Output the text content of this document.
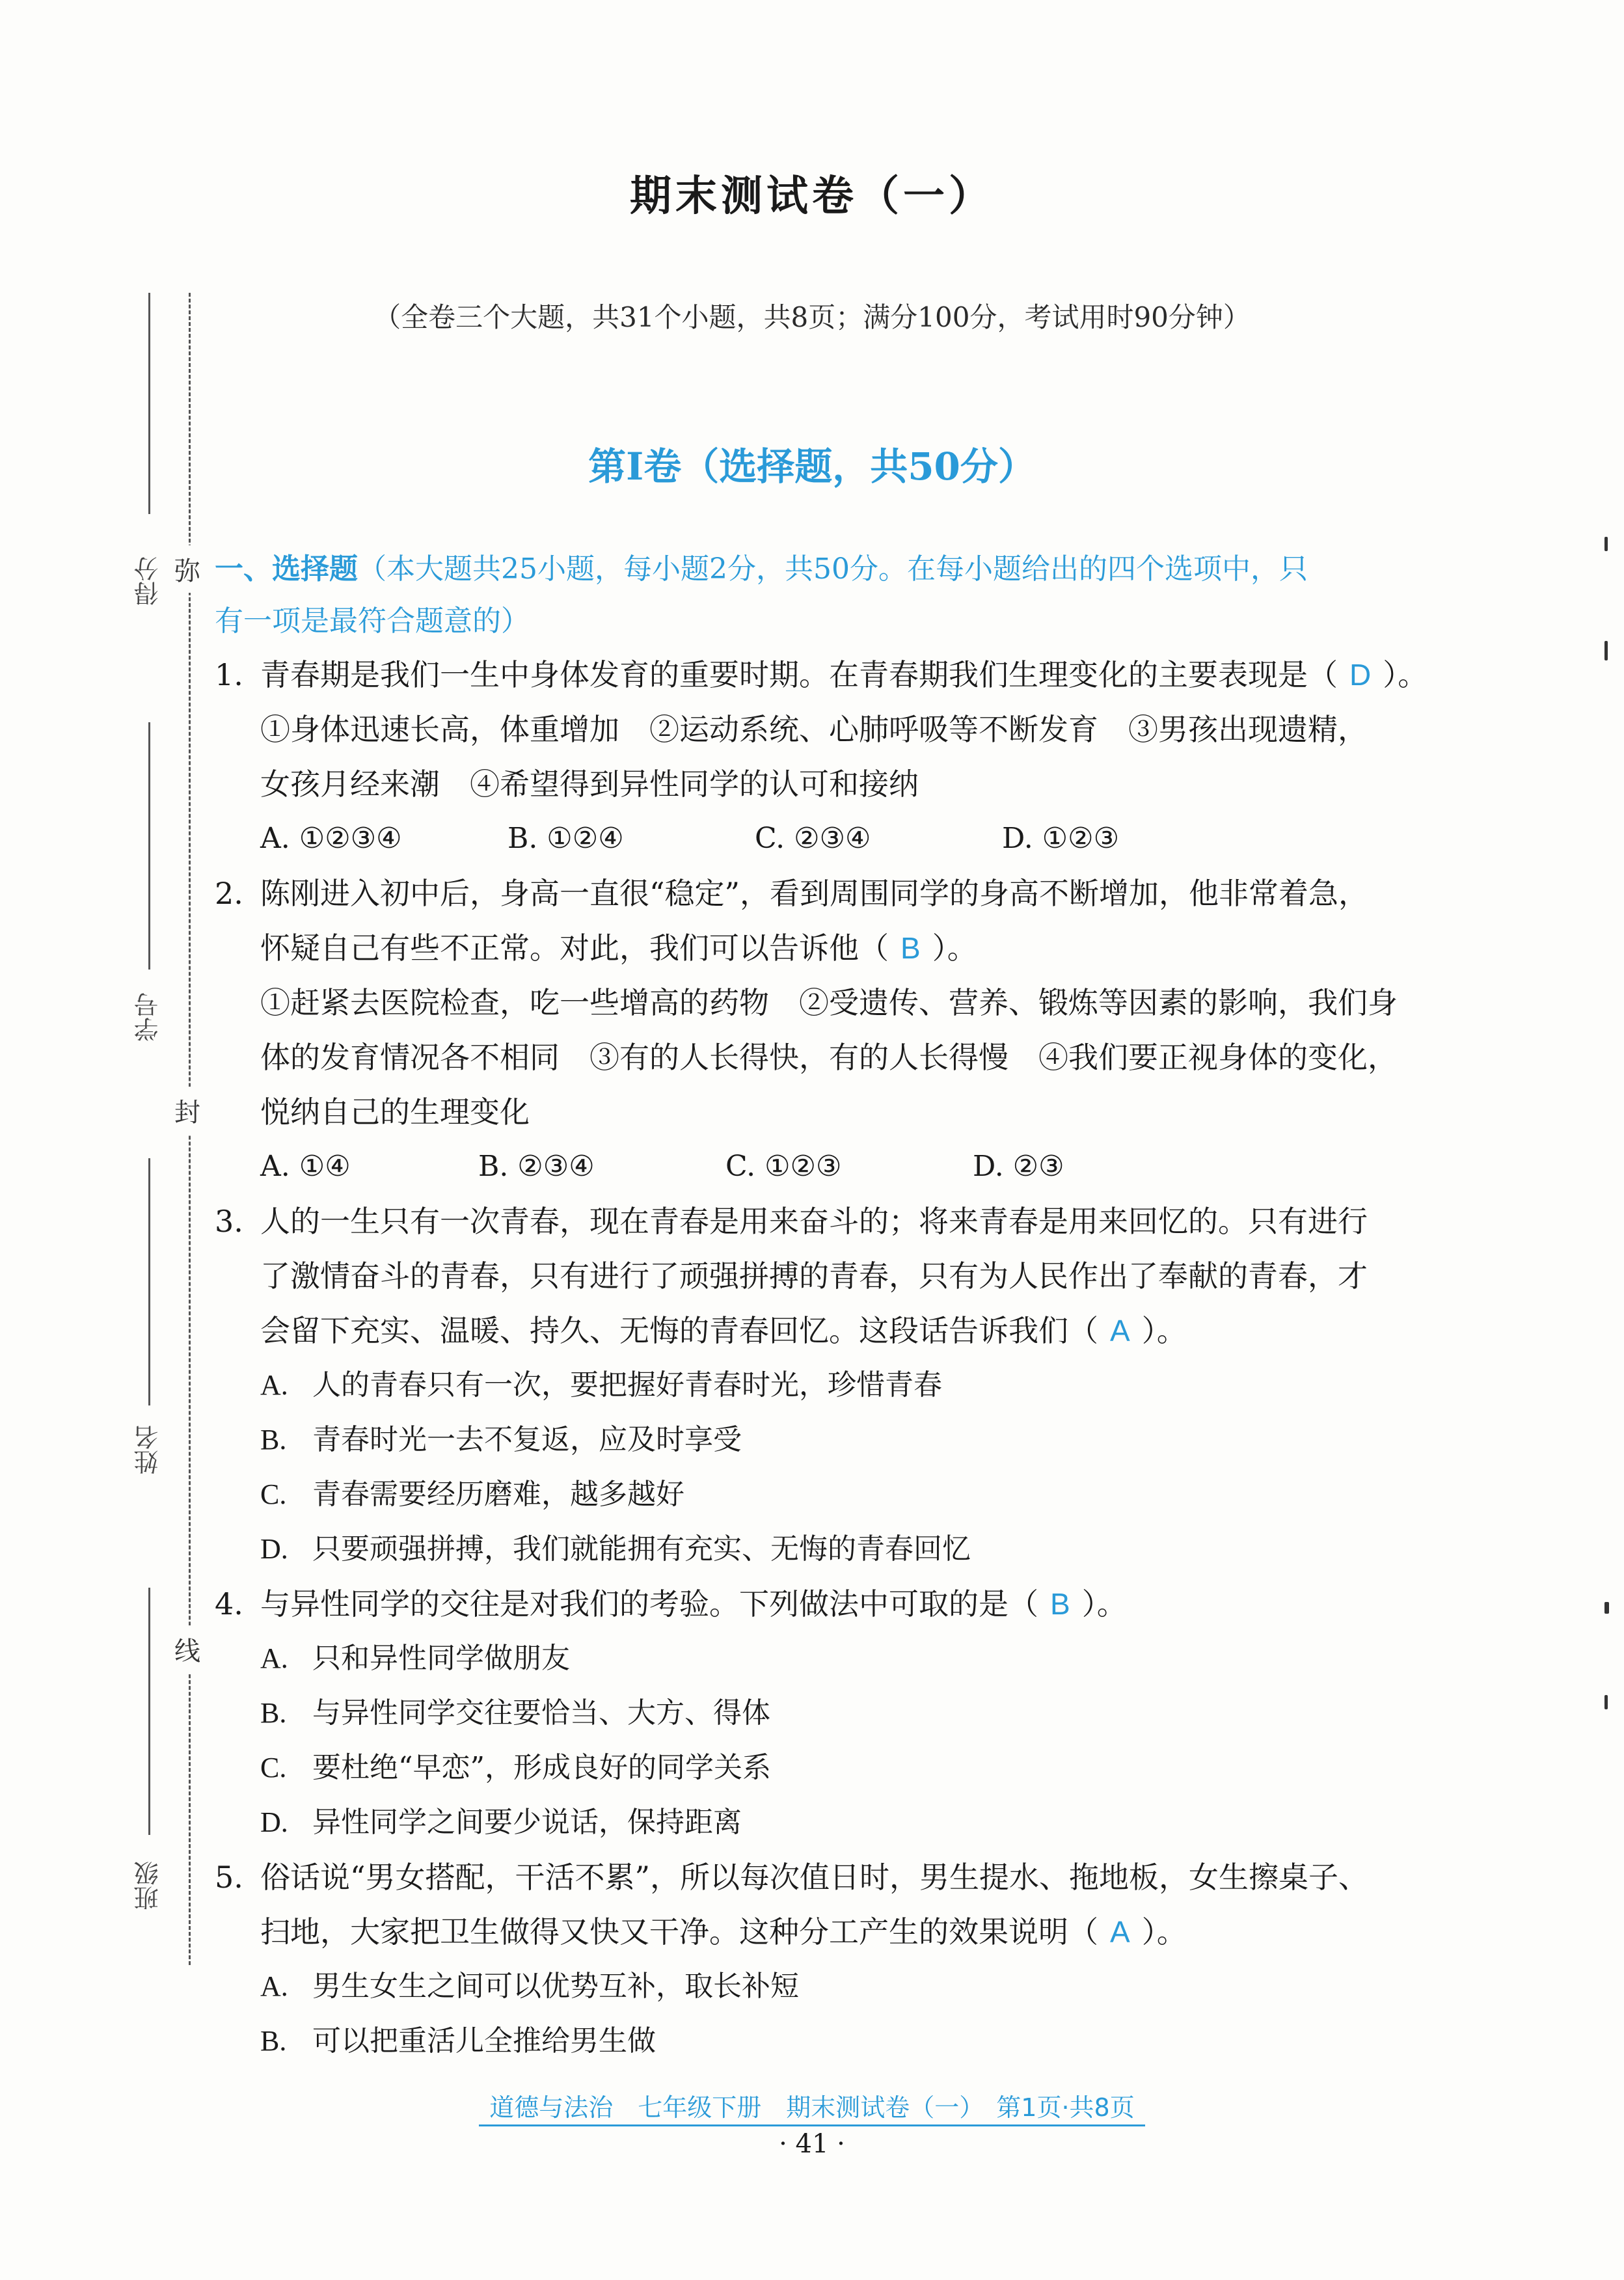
期末测试卷（一）
（全卷三个大题，共31个小题，共8页；满分100分，考试用时90分钟）
第Ⅰ卷（选择题，共50分）
得分
学号
姓名
班级
弥
封
线
一、选择题（本大题共25小题，每小题2分，共50分。在每小题给出的四个选项中，只
有一项是最符合题意的）
1. 青春期是我们一生中身体发育的重要时期。在青春期我们生理变化的主要表现是（ D ）。
①身体迅速长高，体重增加　②运动系统、心肺呼吸等不断发育　③男孩出现遗精，
女孩月经来潮　④希望得到异性同学的认可和接纳
A. ①②③④	B. ①②④	C. ②③④	D. ①②③
2. 陈刚进入初中后，身高一直很“稳定”，看到周围同学的身高不断增加，他非常着急，
怀疑自己有些不正常。对此，我们可以告诉他（ B ）。
①赶紧去医院检查，吃一些增高的药物　②受遗传、营养、锻炼等因素的影响，我们身
体的发育情况各不相同　③有的人长得快，有的人长得慢　④我们要正视身体的变化，
悦纳自己的生理变化
A. ①④	B. ②③④	C. ①②③	D. ②③
3. 人的一生只有一次青春，现在青春是用来奋斗的；将来青春是用来回忆的。只有进行
了激情奋斗的青春，只有进行了顽强拼搏的青春，只有为人民作出了奉献的青春，才
会留下充实、温暖、持久、无悔的青春回忆。这段话告诉我们（ A ）。
A. 人的青春只有一次，要把握好青春时光，珍惜青春
B. 青春时光一去不复返，应及时享受
C. 青春需要经历磨难，越多越好
D. 只要顽强拼搏，我们就能拥有充实、无悔的青春回忆
4. 与异性同学的交往是对我们的考验。下列做法中可取的是（ B ）。
A. 只和异性同学做朋友
B. 与异性同学交往要恰当、大方、得体
C. 要杜绝“早恋”，形成良好的同学关系
D. 异性同学之间要少说话，保持距离
5. 俗话说“男女搭配，干活不累”，所以每次值日时，男生提水、拖地板，女生擦桌子、
扫地，大家把卫生做得又快又干净。这种分工产生的效果说明（ A ）。
A. 男生女生之间可以优势互补，取长补短
B. 可以把重活儿全推给男生做
道德与法治　七年级下册　期末测试卷（一）　第1页·共8页
· 41 ·
